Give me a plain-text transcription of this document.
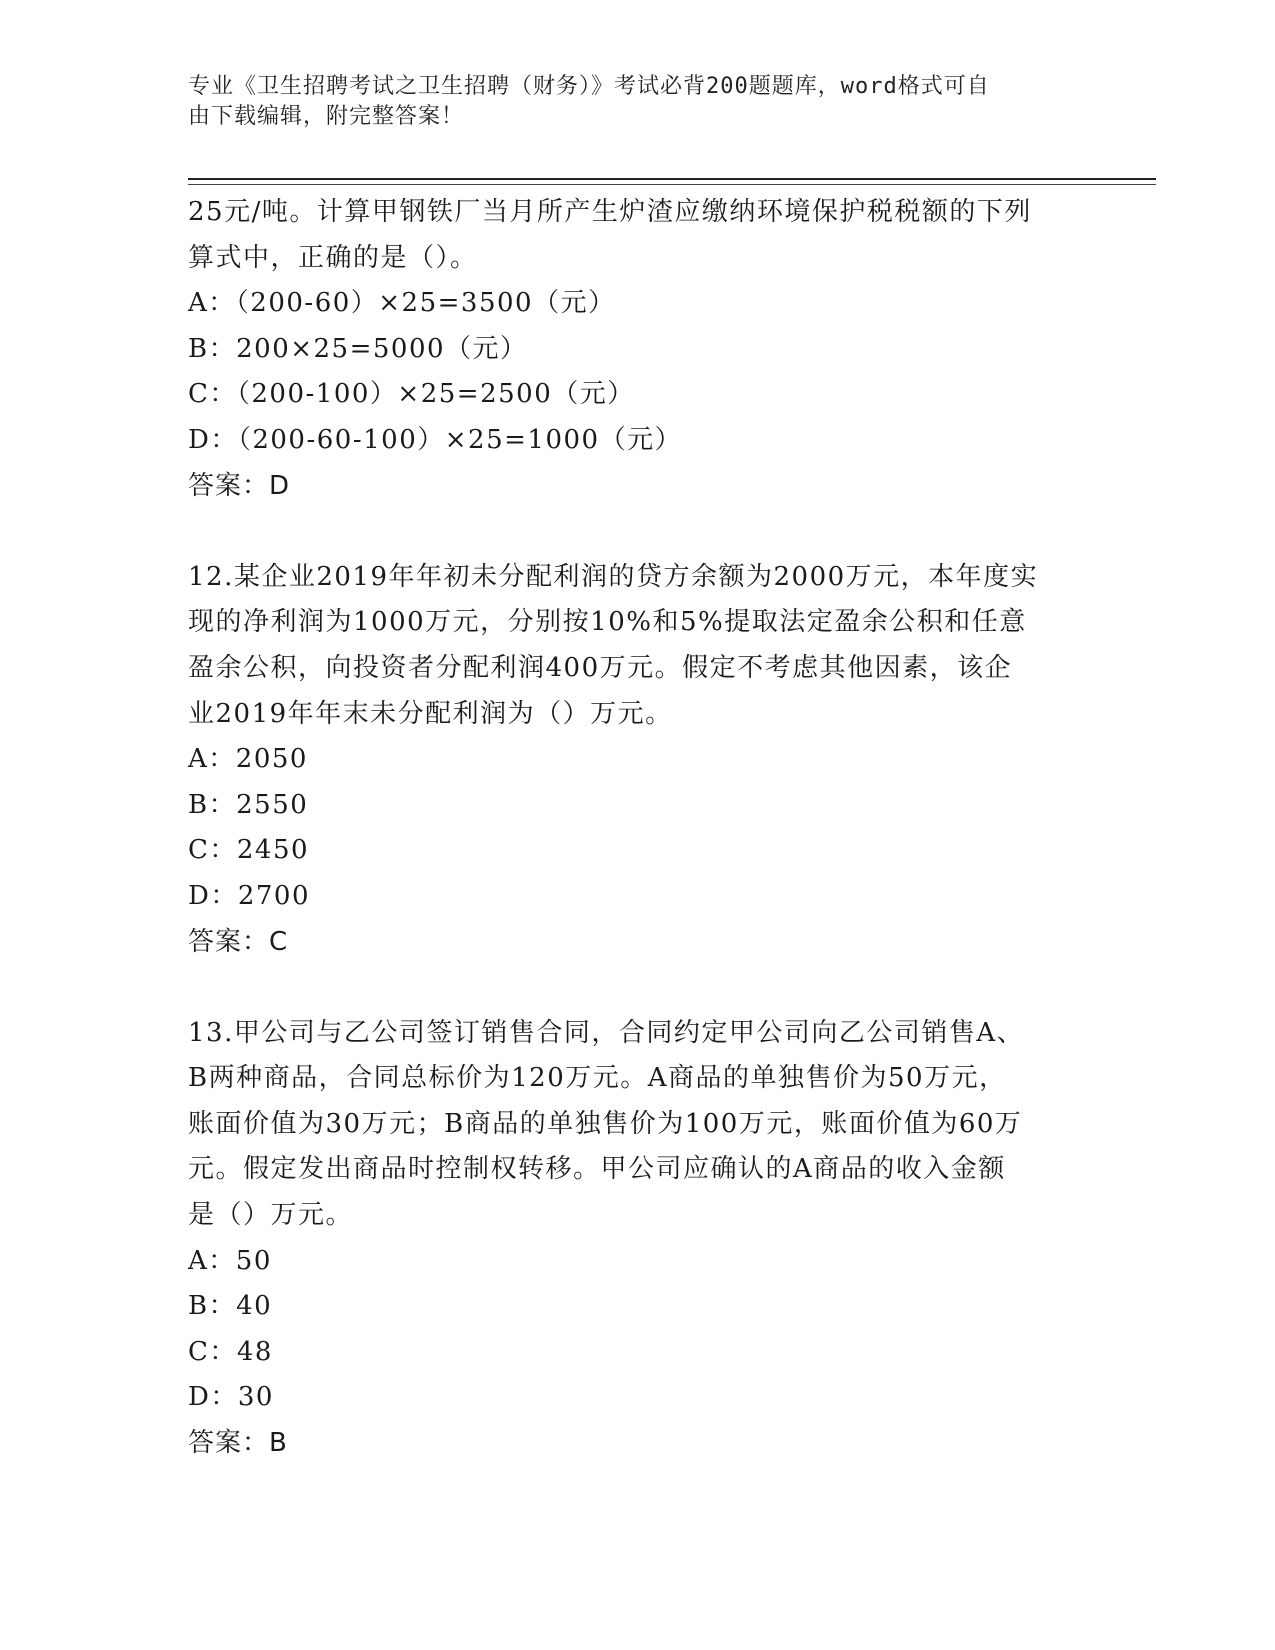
专业《卫生招聘考试之卫生招聘（财务）》考试必背200题题库，word格式可自
由下载编辑，附完整答案！
25元/吨。计算甲钢铁厂当月所产生炉渣应缴纳环境保护税税额的下列
算式中，正确的是（）。
A：（200-60）×25=3500（元）
B：200×25=5000（元）
C：（200-100）×25=2500（元）
D：（200-60-100）×25=1000（元）
答案：D
12.某企业2019年年初未分配利润的贷方余额为2000万元，本年度实
现的净利润为1000万元，分别按10%和5%提取法定盈余公积和任意
盈余公积，向投资者分配利润400万元。假定不考虑其他因素，该企
业2019年年末未分配利润为（）万元。
A：2050
B：2550
C：2450
D：2700
答案：C
13.甲公司与乙公司签订销售合同，合同约定甲公司向乙公司销售A、
B两种商品，合同总标价为120万元。A商品的单独售价为50万元，
账面价值为30万元；B商品的单独售价为100万元，账面价值为60万
元。假定发出商品时控制权转移。甲公司应确认的A商品的收入金额
是（）万元。
A：50
B：40
C：48
D：30
答案：B
